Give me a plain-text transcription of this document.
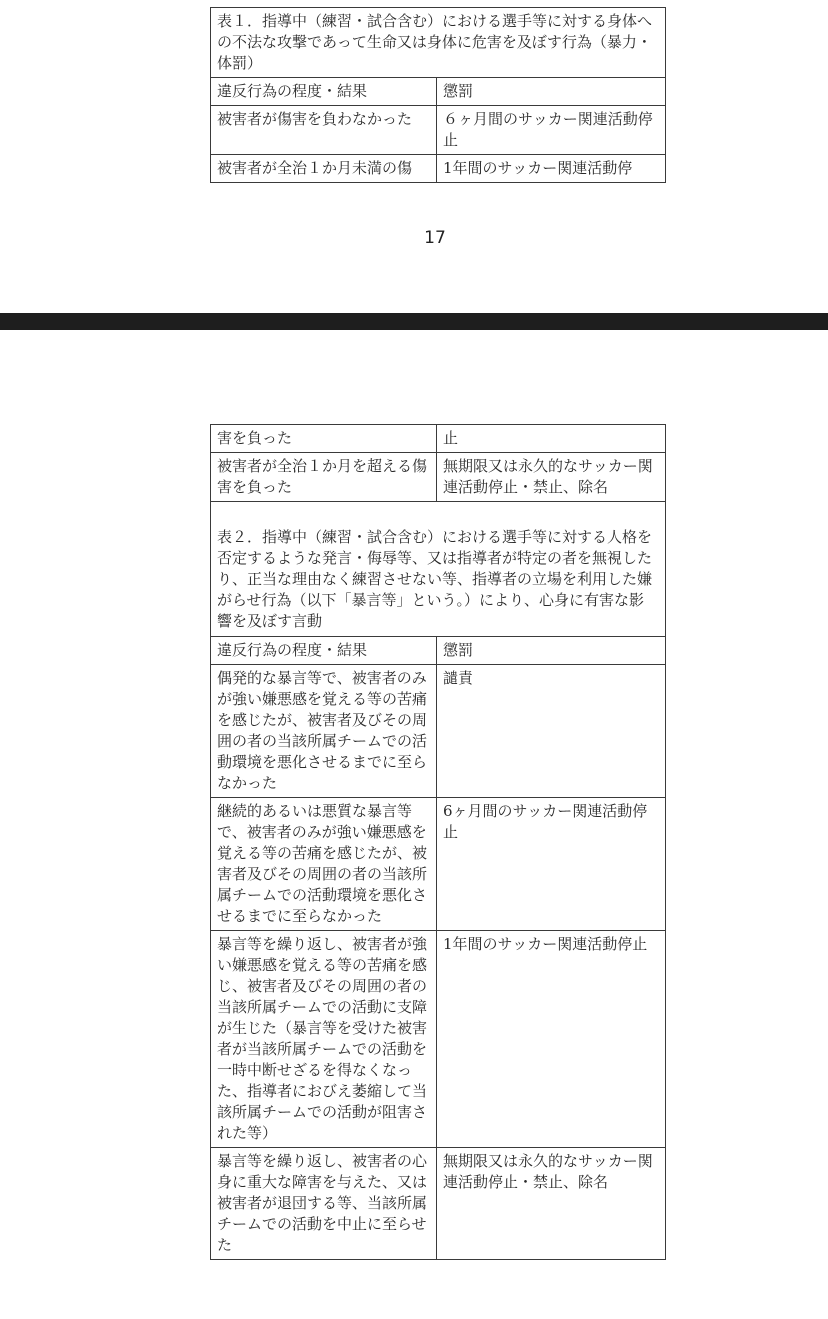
表１．指導中（練習・試合含む）における選手等に対する身体への不法な攻撃であって生命又は身体に危害を及ぼす行為（暴力・体罰）	
違反行為の程度・結果	懲罰
被害者が傷害を負わなかった	６ヶ月間のサッカー関連活動停止
被害者が全治１か月未満の傷	1年間のサッカー関連活動停
17
害を負った	止
被害者が全治１か月を超える傷害を負った	無期限又は永久的なサッカー関連活動停止・禁止、除名
表２．指導中（練習・試合含む）における選手等に対する人格を否定するような発言・侮辱等、又は指導者が特定の者を無視したり、正当な理由なく練習させない等、指導者の立場を利用した嫌がらせ行為（以下「暴言等」という。）により、心身に有害な影響を及ぼす言動	
違反行為の程度・結果	懲罰
偶発的な暴言等で、被害者のみが強い嫌悪感を覚える等の苦痛を感じたが、被害者及びその周囲の者の当該所属チームでの活動環境を悪化させるまでに至らなかった	譴責
継続的あるいは悪質な暴言等で、被害者のみが強い嫌悪感を覚える等の苦痛を感じたが、被害者及びその周囲の者の当該所属チームでの活動環境を悪化させるまでに至らなかった	6ヶ月間のサッカー関連活動停止
暴言等を繰り返し、被害者が強い嫌悪感を覚える等の苦痛を感じ、被害者及びその周囲の者の当該所属チームでの活動に支障が生じた（暴言等を受けた被害者が当該所属チームでの活動を一時中断せざるを得なくなった、指導者におびえ萎縮して当該所属チームでの活動が阻害された等）	1年間のサッカー関連活動停止
暴言等を繰り返し、被害者の心身に重大な障害を与えた、又は被害者が退団する等、当該所属チームでの活動を中止に至らせた	無期限又は永久的なサッカー関連活動停止・禁止、除名
